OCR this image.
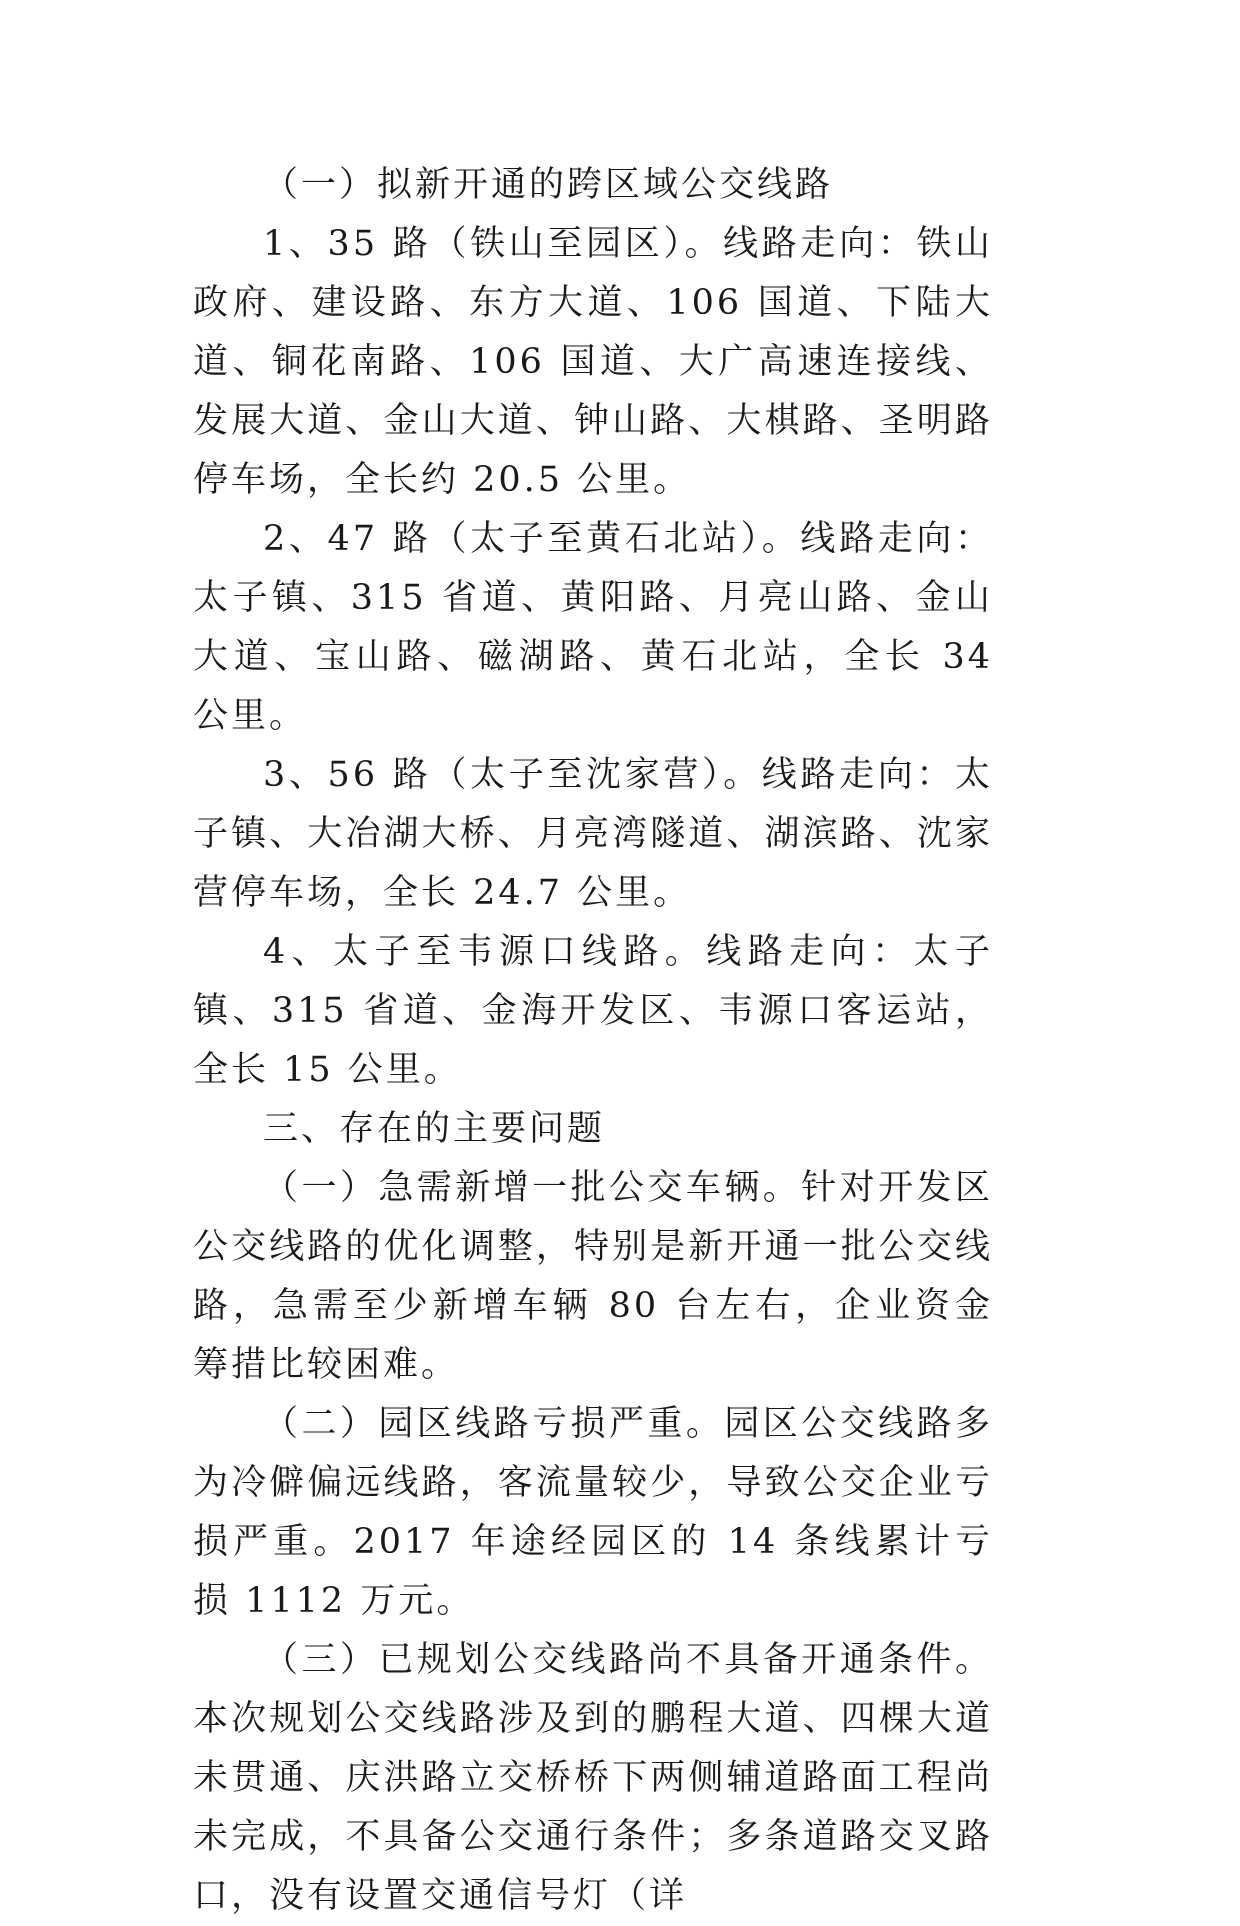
（一）拟新开通的跨区域公交线路

1、35 路（铁山至园区）。线路走向：铁山政府、建设路、东方大道、106 国道、下陆大道、铜花南路、106 国道、大广高速连接线、发展大道、金山大道、钟山路、大棋路、圣明路停车场，全长约 20.5 公里。

2、47 路（太子至黄石北站）。线路走向：太子镇、315 省道、黄阳路、月亮山路、金山大道、宝山路、磁湖路、黄石北站，全长 34 公里。

3、56 路（太子至沈家营）。线路走向：太子镇、大冶湖大桥、月亮湾隧道、湖滨路、沈家营停车场，全长 24.7 公里。

4、太子至韦源口线路。线路走向：太子镇、315 省道、金海开发区、韦源口客运站，全长 15 公里。

三、存在的主要问题

（一）急需新增一批公交车辆。针对开发区公交线路的优化调整，特别是新开通一批公交线路，急需至少新增车辆 80 台左右，企业资金筹措比较困难。

（二）园区线路亏损严重。园区公交线路多为冷僻偏远线路，客流量较少，导致公交企业亏损严重。2017 年途经园区的 14 条线累计亏损 1112 万元。

（三）已规划公交线路尚不具备开通条件。本次规划公交线路涉及到的鹏程大道、四棵大道未贯通、庆洪路立交桥桥下两侧辅道路面工程尚未完成，不具备公交通行条件；多条道路交叉路口，没有设置交通信号灯（详
